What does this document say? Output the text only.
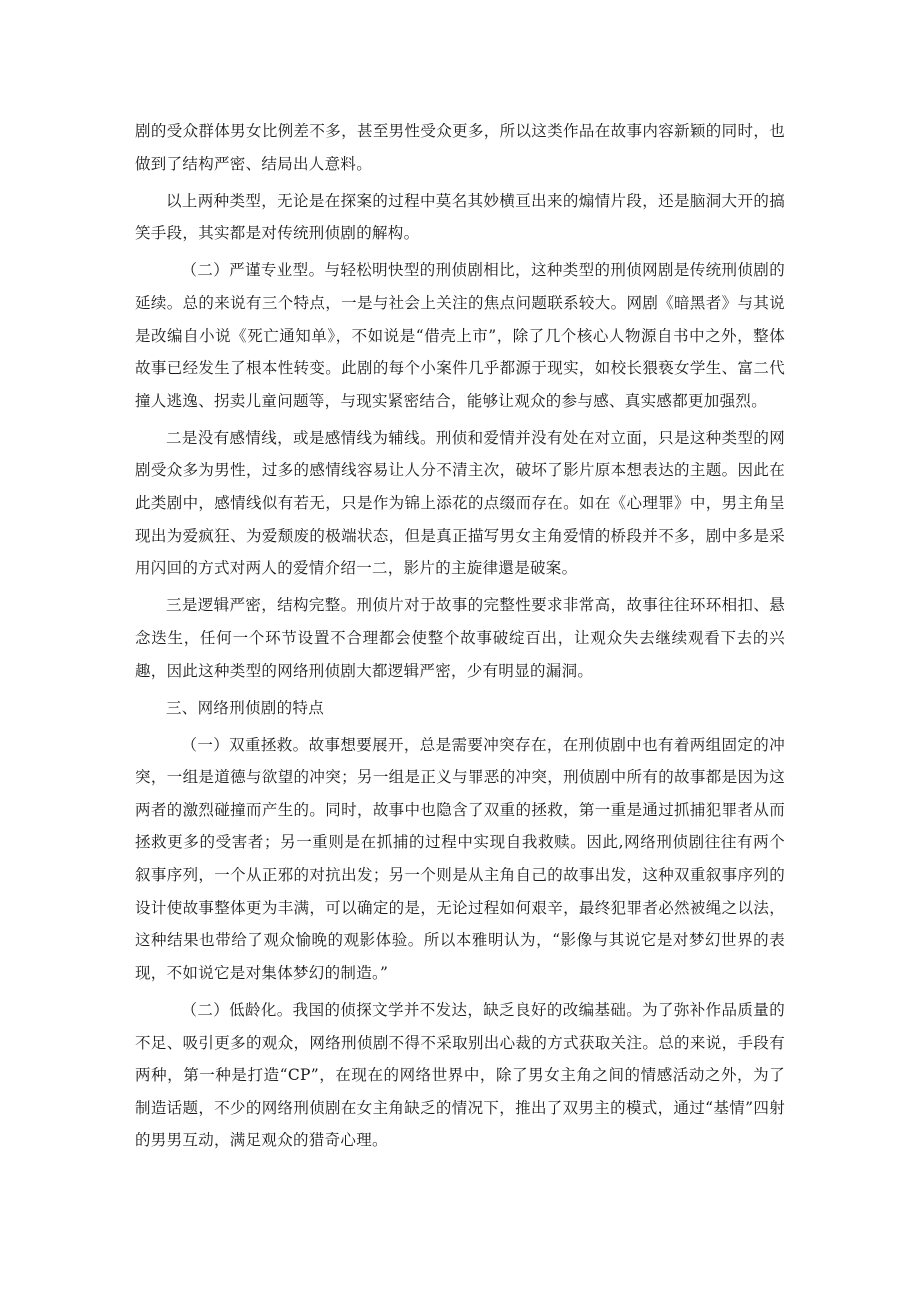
剧的受众群体男女比例差不多，甚至男性受众更多，所以这类作品在故事内容新颖的同时，也做到了结构严密、结局出人意料。

以上两种类型，无论是在探案的过程中莫名其妙横亘出来的煽情片段，还是脑洞大开的搞笑手段，其实都是对传统刑侦剧的解构。

（二）严谨专业型。与轻松明快型的刑侦剧相比，这种类型的刑侦网剧是传统刑侦剧的延续。总的来说有三个特点，一是与社会上关注的焦点问题联系较大。网剧《暗黑者》与其说是改编自小说《死亡通知单》，不如说是“借壳上市”，除了几个核心人物源自书中之外，整体故事已经发生了根本性转变。此剧的每个小案件几乎都源于现实，如校长猥亵女学生、富二代撞人逃逸、拐卖儿童问题等，与现实紧密结合，能够让观众的参与感、真实感都更加强烈。

二是没有感情线，或是感情线为辅线。刑侦和爱情并没有处在对立面，只是这种类型的网剧受众多为男性，过多的感情线容易让人分不清主次，破坏了影片原本想表达的主题。因此在此类剧中，感情线似有若无，只是作为锦上添花的点缀而存在。如在《心理罪》中，男主角呈现出为爱疯狂、为爱颓废的极端状态，但是真正描写男女主角爱情的桥段并不多，剧中多是采用闪回的方式对两人的爱情介绍一二，影片的主旋律還是破案。

三是逻辑严密，结构完整。刑侦片对于故事的完整性要求非常高，故事往往环环相扣、悬念迭生，任何一个环节设置不合理都会使整个故事破绽百出，让观众失去继续观看下去的兴趣，因此这种类型的网络刑侦剧大都逻辑严密，少有明显的漏洞。

三、网络刑侦剧的特点

（一）双重拯救。故事想要展开，总是需要冲突存在，在刑侦剧中也有着两组固定的冲突，一组是道德与欲望的冲突；另一组是正义与罪恶的冲突，刑侦剧中所有的故事都是因为这两者的激烈碰撞而产生的。同时，故事中也隐含了双重的拯救，第一重是通过抓捕犯罪者从而拯救更多的受害者；另一重则是在抓捕的过程中实现自我救赎。因此,网络刑侦剧往往有两个叙事序列，一个从正邪的对抗出发；另一个则是从主角自己的故事出发，这种双重叙事序列的设计使故事整体更为丰满，可以确定的是，无论过程如何艰辛，最终犯罪者必然被绳之以法，这种结果也带给了观众愉晚的观影体验。所以本雅明认为，“影像与其说它是对梦幻世界的表现，不如说它是对集体梦幻的制造。”

（二）低龄化。我国的侦探文学并不发达，缺乏良好的改编基础。为了弥补作品质量的不足、吸引更多的观众，网络刑侦剧不得不采取别出心裁的方式获取关注。总的来说，手段有两种，第一种是打造“CP”，在现在的网络世界中，除了男女主角之间的情感活动之外，为了制造话题，不少的网络刑侦剧在女主角缺乏的情况下，推出了双男主的模式，通过“基情”四射的男男互动，满足观众的猎奇心理。
